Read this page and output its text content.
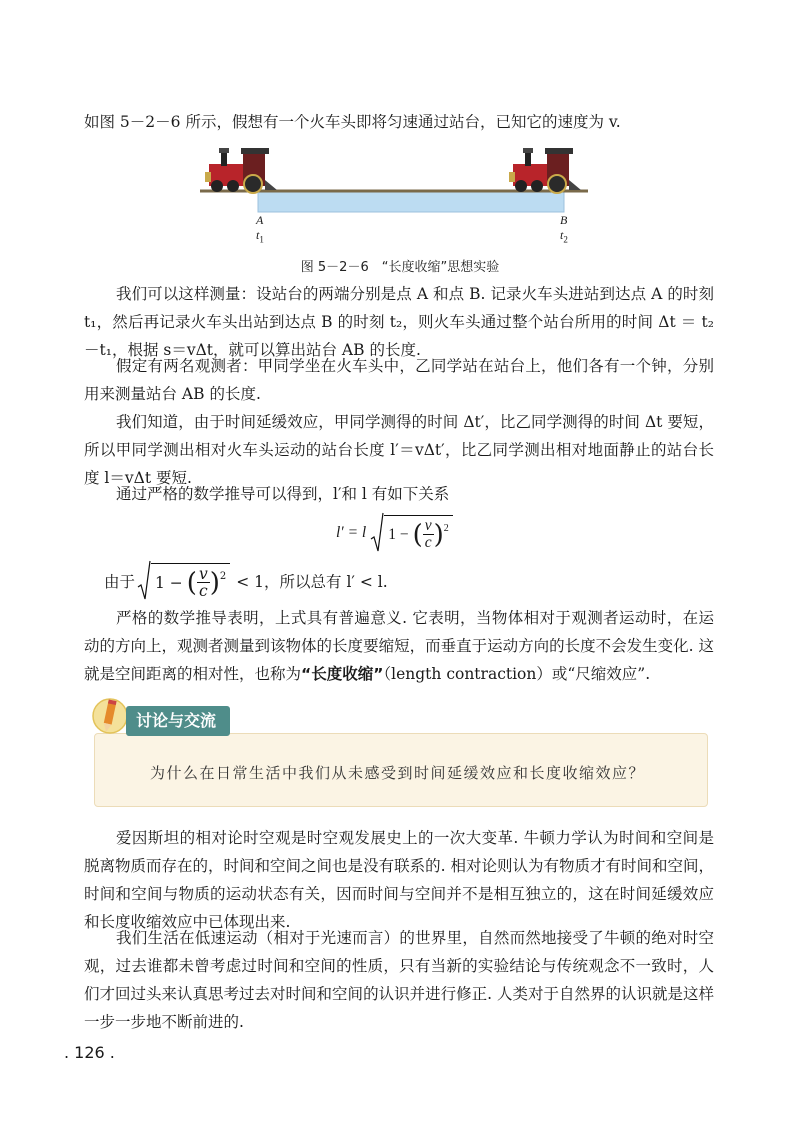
如图 5－2－6 所示，假想有一个火车头即将匀速通过站台，已知它的速度为 v.

A
$t_1$
B
$t_2$
图 5－2－6　“长度收缩”思想实验

我们可以这样测量：设站台的两端分别是点 A 和点 B. 记录火车头进站到达点 A 的时刻 t₁，然后再记录火车头出站到达点 B 的时刻 t₂，则火车头通过整个站台所用的时间 Δt ＝ t₂－t₁，根据 s＝vΔt，就可以算出站台 AB 的长度.

假定有两名观测者：甲同学坐在火车头中，乙同学站在站台上，他们各有一个钟，分别用来测量站台 AB 的长度.

我们知道，由于时间延缓效应，甲同学测得的时间 Δt′，比乙同学测得的时间 Δt 要短，所以甲同学测出相对火车头运动的站台长度 l′＝vΔt′，比乙同学测出相对地面静止的站台长度 l＝vΔt 要短.

通过严格的数学推导可以得到，l′和 l 有如下关系

l′ = l 1 − ( $\frac{v}{c}$ ) 2
由于 1 − ( $\frac{v}{c}$ ) 2 < 1，所以总有 l′ < l.

严格的数学推导表明，上式具有普遍意义. 它表明，当物体相对于观测者运动时，在运动的方向上，观测者测量到该物体的长度要缩短，而垂直于运动方向的长度不会发生变化. 这就是空间距离的相对性，也称为“长度收缩”（length contraction）或“尺缩效应”.

讨论与交流
为什么在日常生活中我们从未感受到时间延缓效应和长度收缩效应？

爱因斯坦的相对论时空观是时空观发展史上的一次大变革. 牛顿力学认为时间和空间是脱离物质而存在的，时间和空间之间也是没有联系的. 相对论则认为有物质才有时间和空间，时间和空间与物质的运动状态有关，因而时间与空间并不是相互独立的，这在时间延缓效应和长度收缩效应中已体现出来.

我们生活在低速运动（相对于光速而言）的世界里，自然而然地接受了牛顿的绝对时空观，过去谁都未曾考虑过时间和空间的性质，只有当新的实验结论与传统观念不一致时，人们才回过头来认真思考过去对时间和空间的认识并进行修正. 人类对于自然界的认识就是这样一步一步地不断前进的.

. 126 .
